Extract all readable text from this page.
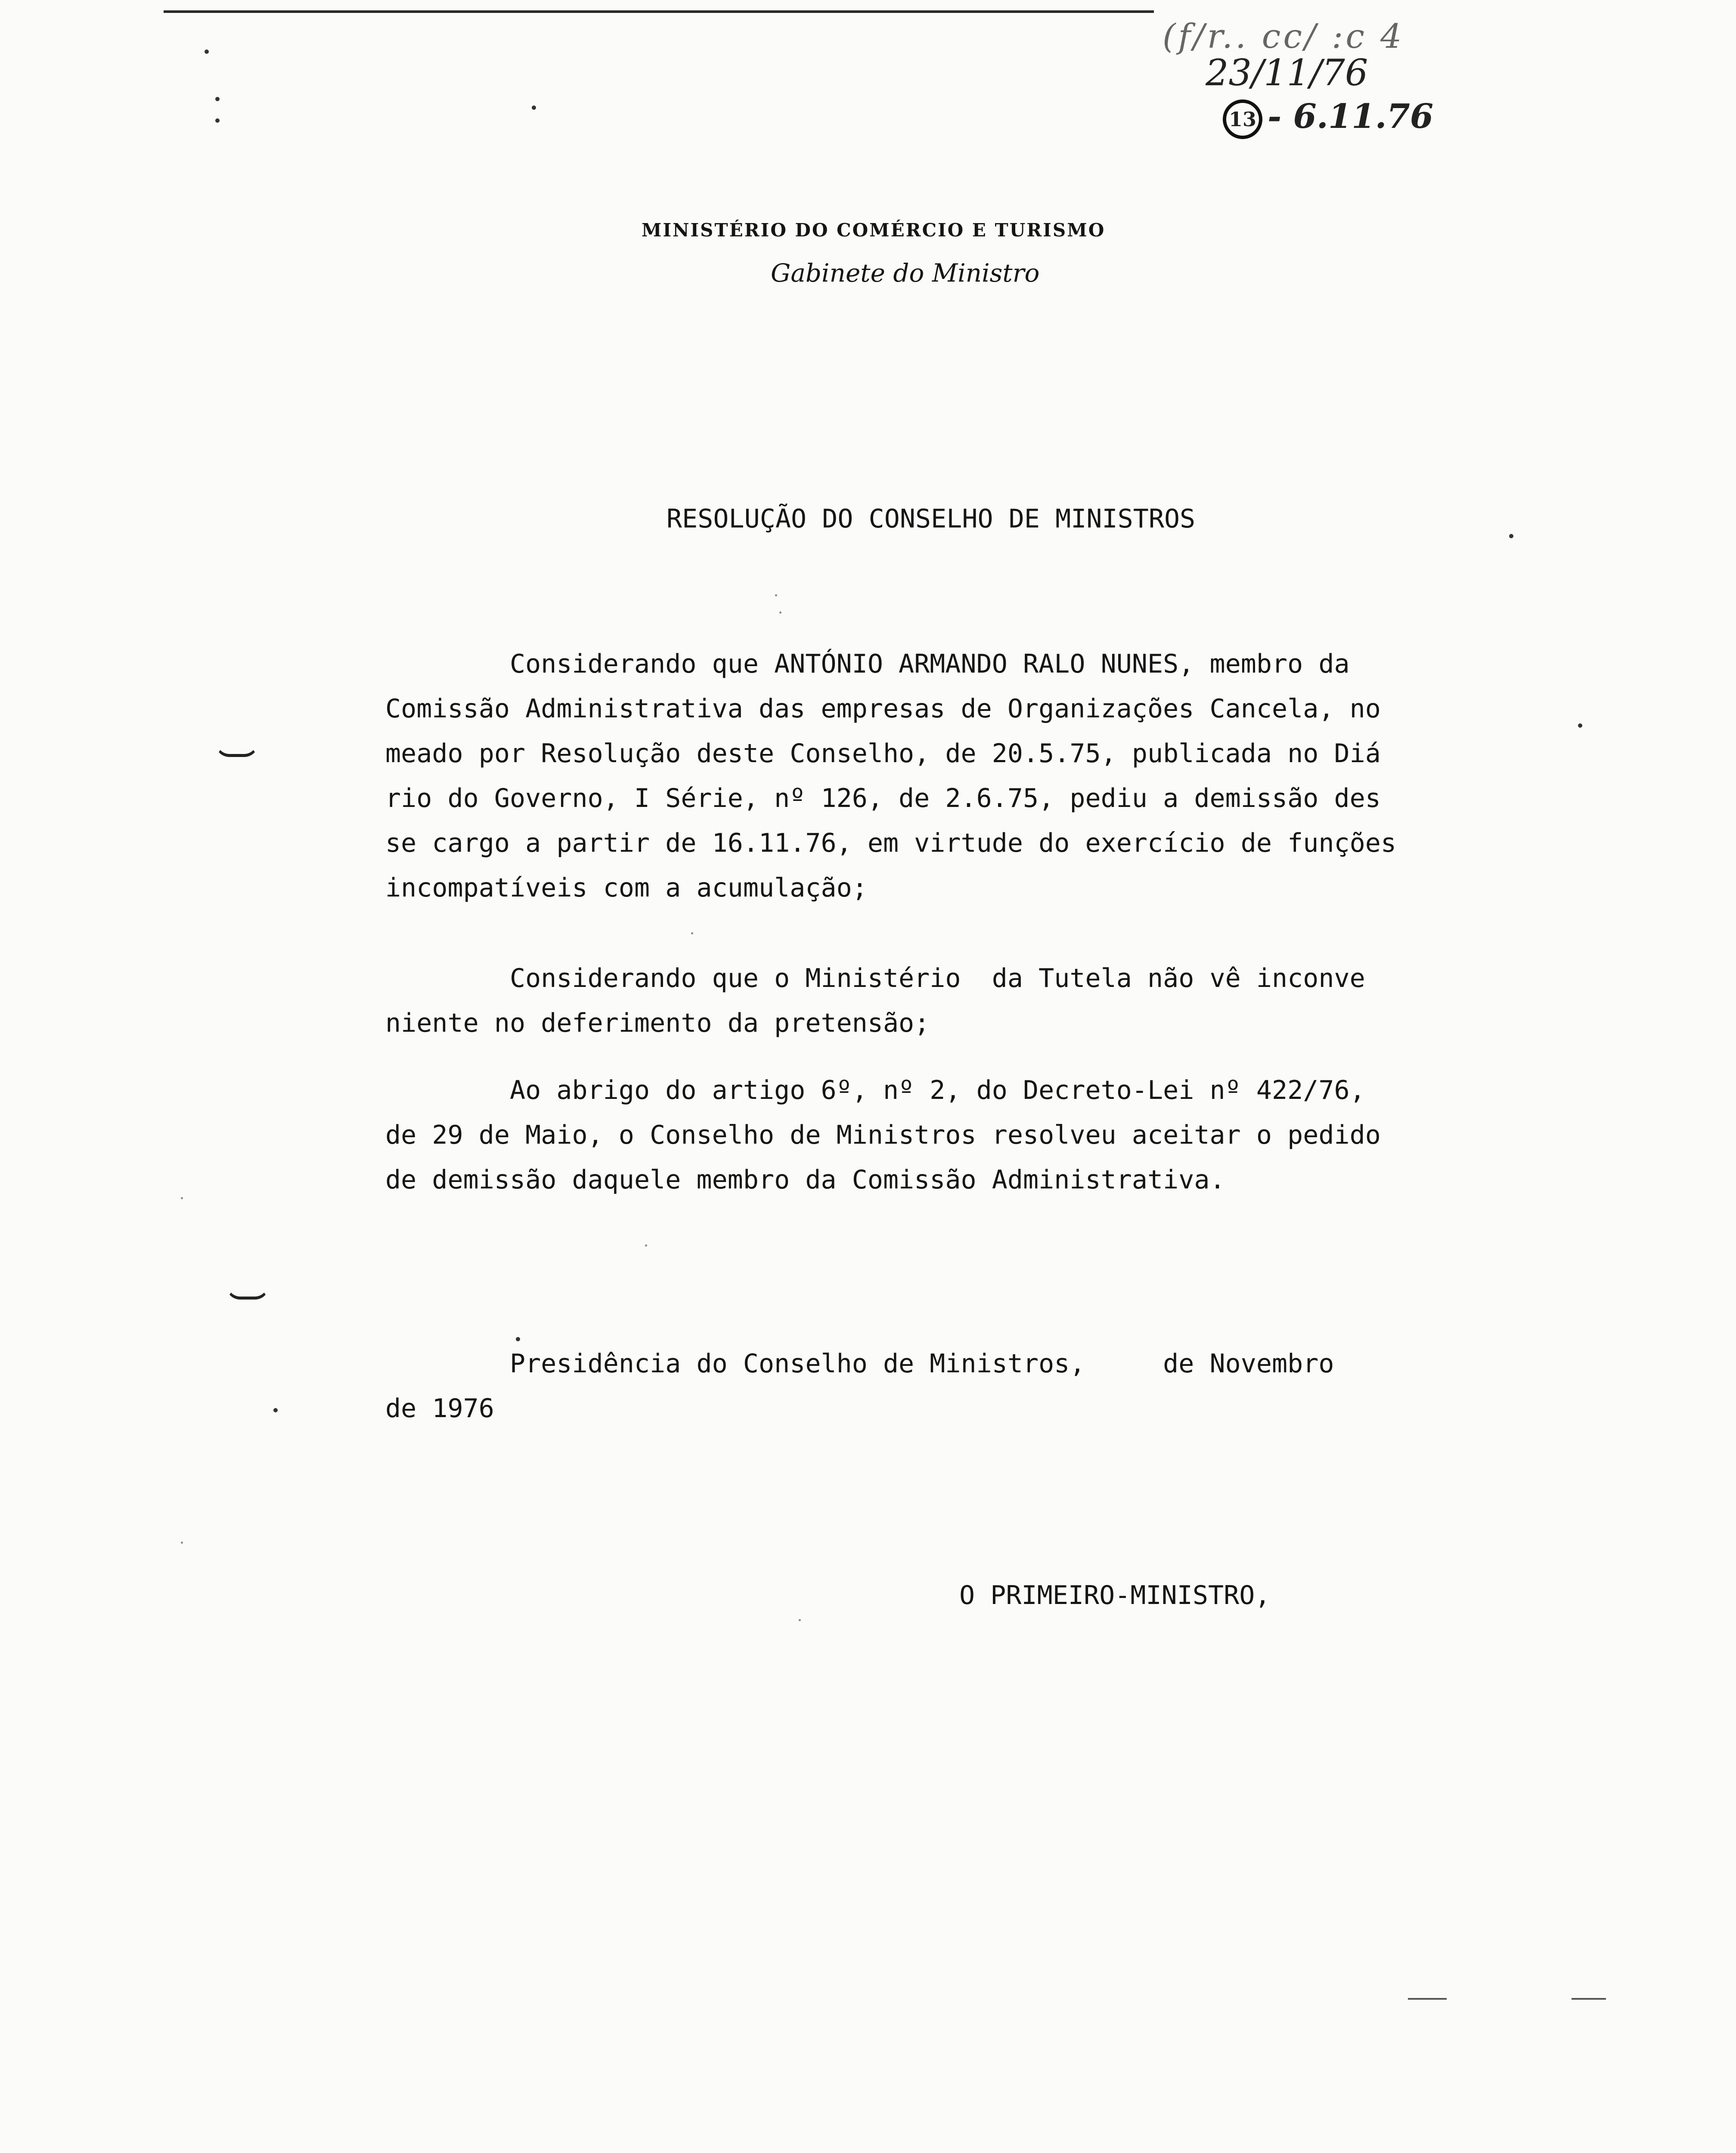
(f/r.. cc/ :c 4
23/11/76
13 - 6.11.76
MINISTÉRIO DO COMÉRCIO E TURISMO
Gabinete do Ministro
RESOLUÇÃO DO CONSELHO DE MINISTROS

Considerando que ANTÓNIO ARMANDO RALO NUNES, membro da
Comissão Administrativa das empresas de Organizações Cancela, no
meado por Resolução deste Conselho, de 20.5.75, publicada no Diá
rio do Governo, I Série, nº 126, de 2.6.75, pediu a demissão des
se cargo a partir de 16.11.76, em virtude do exercício de funções
incompatíveis com a acumulação;

Considerando que o Ministério  da Tutela não vê inconve
niente no deferimento da pretensão;

Ao abrigo do artigo 6º, nº 2, do Decreto-Lei nº 422/76,
de 29 de Maio, o Conselho de Ministros resolveu aceitar o pedido
de demissão daquele membro da Comissão Administrativa.

Presidência do Conselho de Ministros,     de Novembro
de 1976
O PRIMEIRO-MINISTRO,
